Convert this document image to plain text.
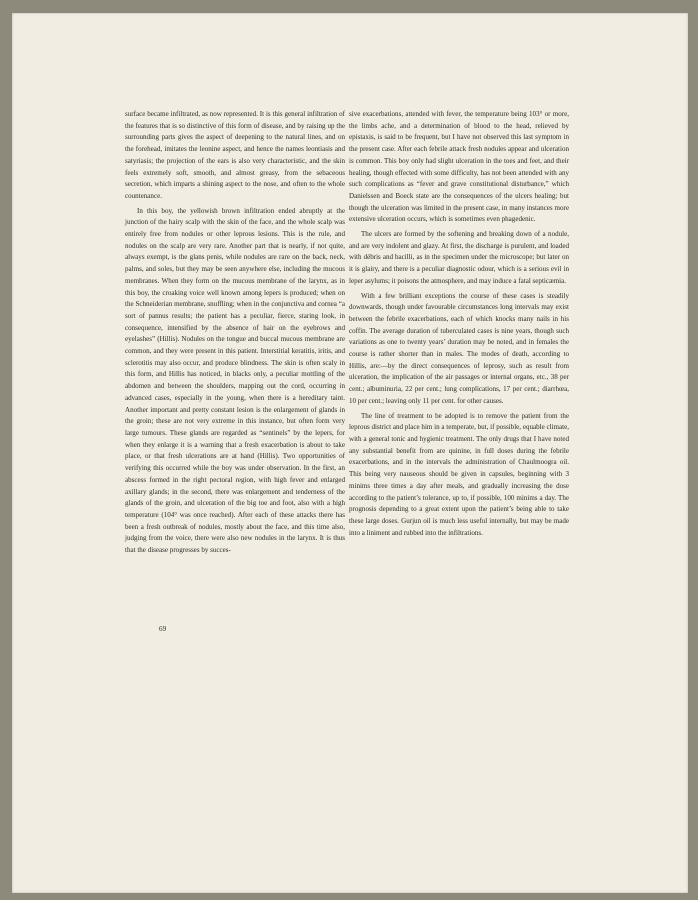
surface became infiltrated, as now represented. It is this general infiltration of the features that is so distinctive of this form of disease, and by raising up the surrounding parts gives the aspect of deepening to the natural lines, and on the forehead, imitates the leonine aspect, and hence the names leontiasis and satyriasis; the projection of the ears is also very characteristic, and the skin feels extremely soft, smooth, and almost greasy, from the sebaceous secretion, which imparts a shining aspect to the nose, and often to the whole countenance.

In this boy, the yellowish brown infiltration ended abruptly at the junction of the hairy scalp with the skin of the face, and the whole scalp was entirely free from nodules or other leprous lesions. This is the rule, and nodules on the scalp are very rare. Another part that is nearly, if not quite, always exempt, is the glans penis, while nodules are rare on the back, neck, palms, and soles, but they may be seen anywhere else, including the mucous membranes. When they form on the mucous membrane of the larynx, as in this boy, the croaking voice well known among lepers is produced; when on the Schneiderian membrane, snuffling; when in the conjunctiva and cornea “a sort of pannus results; the patient has a peculiar, fierce, staring look, in consequence, intensified by the absence of hair on the eyebrows and eyelashes” (Hillis). Nodules on the tongue and buccal mucous membrane are common, and they were present in this patient. Interstitial keratitis, iritis, and sclerotitis may also occur, and produce blindness. The skin is often scaly in this form, and Hillis has noticed, in blacks only, a peculiar mottling of the abdomen and between the shoulders, mapping out the cord, occurring in advanced cases, especially in the young, when there is a hereditary taint. Another important and pretty constant lesion is the enlargement of glands in the groin; these are not very extreme in this instance, but often form very large tumours. These glands are regarded as “sentinels” by the lepers, for when they enlarge it is a warning that a fresh exacerbation is about to take place, or that fresh ulcerations are at hand (Hillis). Two opportunities of verifying this occurred while the boy was under observation. In the first, an abscess formed in the right pectoral region, with high fever and enlarged axillary glands; in the second, there was enlargement and tenderness of the glands of the groin, and ulceration of the big toe and foot, also with a high temperature (104° was once reached). After each of these attacks there has been a fresh outbreak of nodules, mostly about the face, and this time also, judging from the voice, there were also new nodules in the larynx. It is thus that the disease progresses by succes-

69

sive exacerbations, attended with fever, the temperature being 103° or more, the limbs ache, and a determination of blood to the head, relieved by epistaxis, is said to be frequent, but I have not observed this last symptom in the present case. After each febrile attack fresh nodules appear and ulceration is common. This boy only had slight ulceration in the toes and feet, and their healing, though effected with some difficulty, has not been attended with any such complications as “fever and grave constitutional disturbance,” which Danielssen and Boeck state are the consequences of the ulcers healing; but though the ulceration was limited in the present case, in many instances more extensive ulceration occurs, which is sometimes even phagedenic.

The ulcers are formed by the softening and breaking down of a nodule, and are very indolent and glazy. At first, the discharge is purulent, and loaded with débris and bacilli, as in the specimen under the microscope; but later on it is glairy, and there is a peculiar diagnostic odour, which is a serious evil in leper asylums; it poisons the atmosphere, and may induce a fatal septicæmia.

With a few brilliant exceptions the course of these cases is steadily downwards, though under favourable circumstances long intervals may exist between the febrile exacerbations, each of which knocks many nails in his coffin. The average duration of tuberculated cases is nine years, though such variations as one to twenty years’ duration may be noted, and in females the course is rather shorter than in males. The modes of death, according to Hillis, are:—by the direct consequences of leprosy, such as result from ulceration, the implication of the air passages or internal organs, etc., 38 per cent.; albuminuria, 22 per cent.; lung complications, 17 per cent.; diarrhœa, 10 per cent.; leaving only 11 per cent. for other causes.

The line of treatment to be adopted is to remove the patient from the leprous district and place him in a temperate, but, if possible, equable climate, with a general tonic and hygienic treatment. The only drugs that I have noted any substantial benefit from are quinine, in full doses during the febrile exacerbations, and in the intervals the administration of Chaulmoogra oil. This being very nauseous should be given in capsules, beginning with 3 minims three times a day after meals, and gradually increasing the dose according to the patient’s tolerance, up to, if possible, 100 minims a day. The prognosis depending to a great extent upon the patient’s being able to take these large doses. Gurjun oil is much less useful internally, but may be made into a liniment and rubbed into the infiltrations.
